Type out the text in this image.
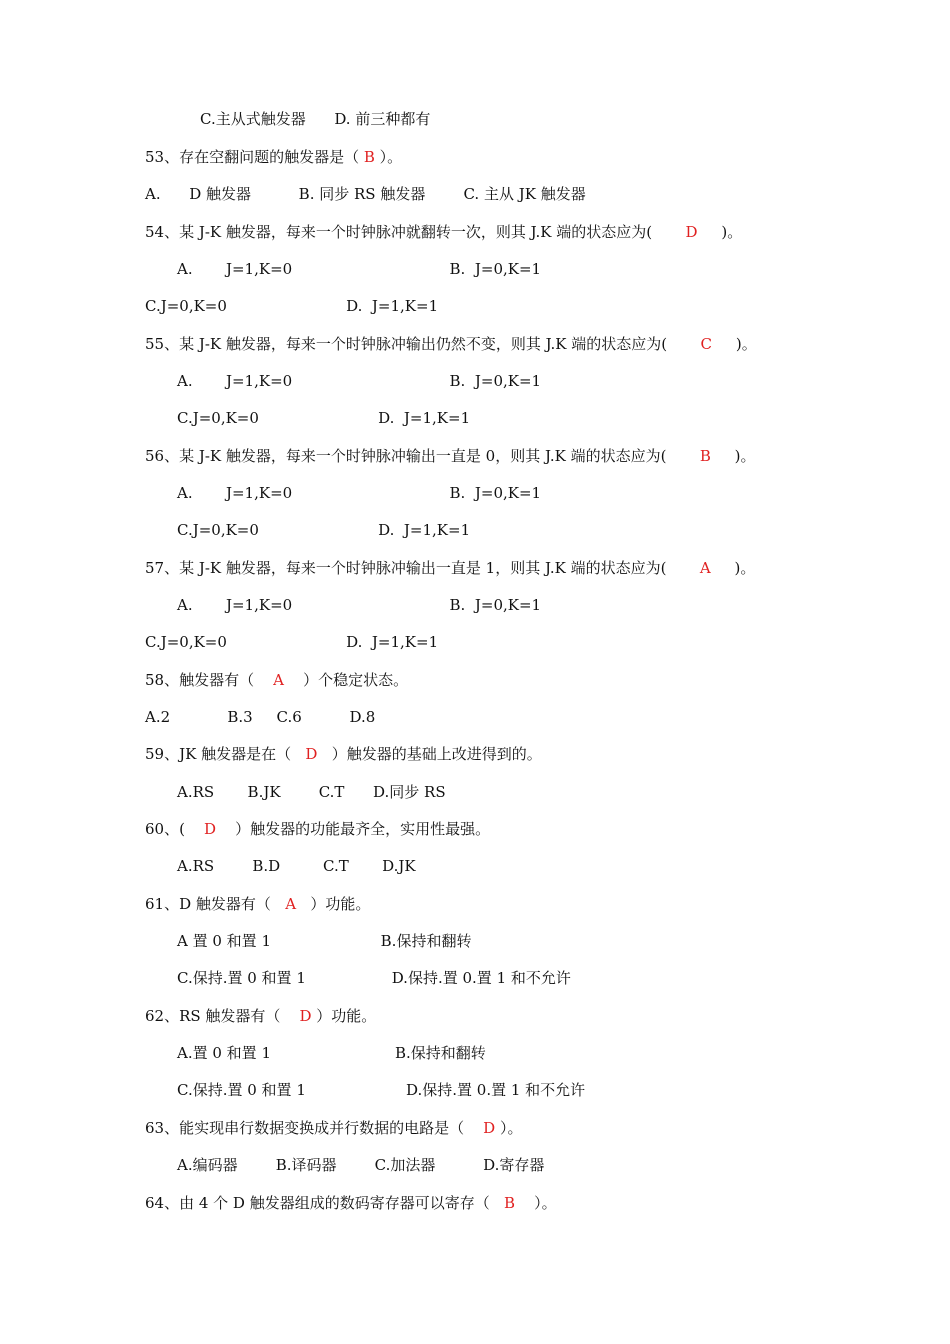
C.主从式触发器      D. 前三种都有
53、存在空翻问题的触发器是（ B ）。
A.      D 触发器          B. 同步 RS 触发器        C. 主从 JK 触发器
54、某 J-K 触发器，每来一个时钟脉冲就翻转一次，则其 J.K 端的状态应为(       D     )。
A.       J=1,K=0                                 B.  J=0,K=1
C.J=0,K=0                         D.  J=1,K=1
55、某 J-K 触发器，每来一个时钟脉冲输出仍然不变，则其 J.K 端的状态应为(       C     )。
A.       J=1,K=0                                 B.  J=0,K=1
C.J=0,K=0                         D.  J=1,K=1
56、某 J-K 触发器，每来一个时钟脉冲输出一直是 0，则其 J.K 端的状态应为(       B     )。
A.       J=1,K=0                                 B.  J=0,K=1
C.J=0,K=0                         D.  J=1,K=1
57、某 J-K 触发器，每来一个时钟脉冲输出一直是 1，则其 J.K 端的状态应为(       A     )。
A.       J=1,K=0                                 B.  J=0,K=1
C.J=0,K=0                         D.  J=1,K=1
58、触发器有（    A    ）个稳定状态。
A.2            B.3     C.6          D.8
59、JK 触发器是在（   D   ）触发器的基础上改进得到的。
A.RS       B.JK        C.T      D.同步 RS
60、(    D    ）触发器的功能最齐全，实用性最强。
A.RS        B.D         C.T       D.JK
61、D 触发器有（   A   ）功能。
A 置 0 和置 1                       B.保持和翻转
C.保持.置 0 和置 1                  D.保持.置 0.置 1 和不允许
62、RS 触发器有（    D ）功能。
A.置 0 和置 1                          B.保持和翻转
C.保持.置 0 和置 1                     D.保持.置 0.置 1 和不允许
63、能实现串行数据变换成并行数据的电路是（    D ）。
A.编码器        B.译码器        C.加法器          D.寄存器
64、由 4 个 D 触发器组成的数码寄存器可以寄存（   B    ）。
